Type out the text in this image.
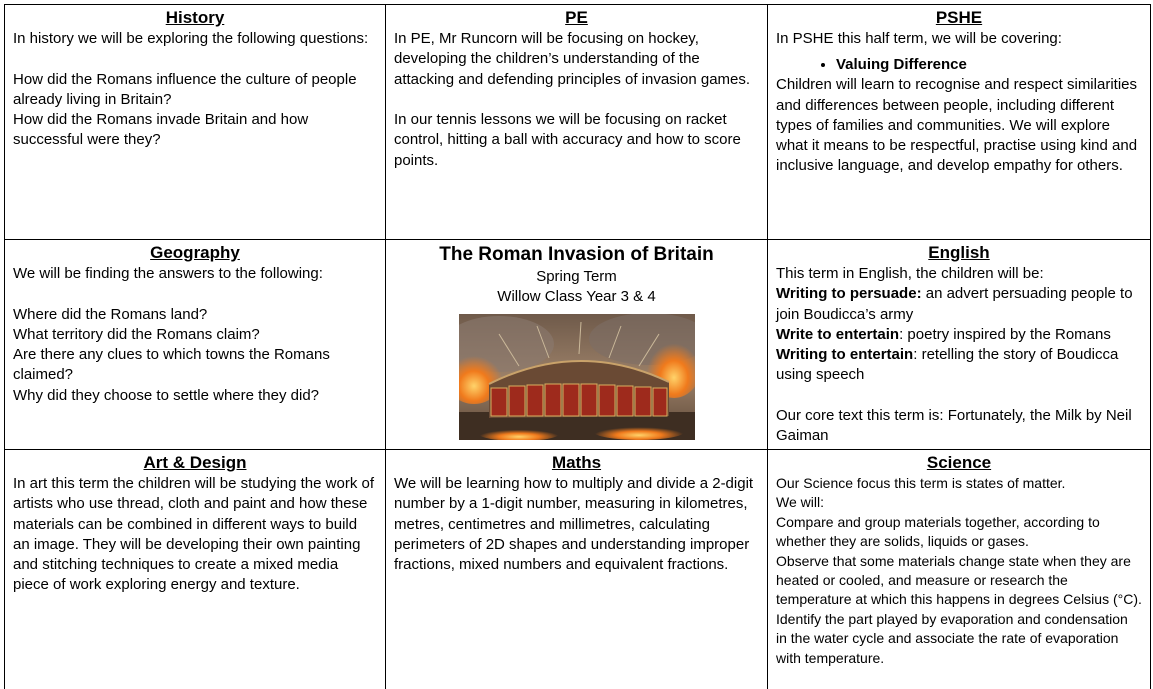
History

In history we will be exploring the following questions:

How did the Romans influence the culture of people already living in Britain?

How did the Romans invade Britain and how successful were they?

PE

In PE, Mr Runcorn will be focusing on hockey, developing the children’s understanding of the attacking and defending principles of invasion games.

In our tennis lessons we will be focusing on racket control, hitting a ball with accuracy and how to score points.

PSHE

In PSHE this half term, we will be covering:

• Valuing Difference

Children will learn to recognise and respect similarities and differences between people, including different types of families and communities. We will explore what it means to be respectful, practise using kind and inclusive language, and develop empathy for others.

Geography

We will be finding the answers to the following:

Where did the Romans land?

What territory did the Romans claim?

Are there any clues to which towns the Romans claimed?

Why did they choose to settle where they did?

The Roman Invasion of Britain

Spring Term

Willow Class Year 3 & 4

English

This term in English, the children will be:

Writing to persuade: an advert persuading people to join Boudicca’s army

Write to entertain: poetry inspired by the Romans

Writing to entertain: retelling the story of Boudicca using speech

Our core text this term is: Fortunately, the Milk by Neil Gaiman

Art & Design

In art this term the children will be studying the work of artists who use thread, cloth and paint and how these materials can be combined in different ways to build an image. They will be developing their own painting and stitching techniques to create a mixed media piece of work exploring energy and texture.

Maths

We will be learning how to multiply and divide a 2-digit number by a 1-digit number, measuring in kilometres, metres, centimetres and millimetres, calculating perimeters of 2D shapes and understanding improper fractions, mixed numbers and equivalent fractions.

Science

Our Science focus this term is states of matter.

We will:

Compare and group materials together, according to whether they are solids, liquids or gases.

Observe that some materials change state when they are heated or cooled, and measure or research the temperature at which this happens in degrees Celsius (°C).

Identify the part played by evaporation and condensation in the water cycle and associate the rate of evaporation with temperature.
